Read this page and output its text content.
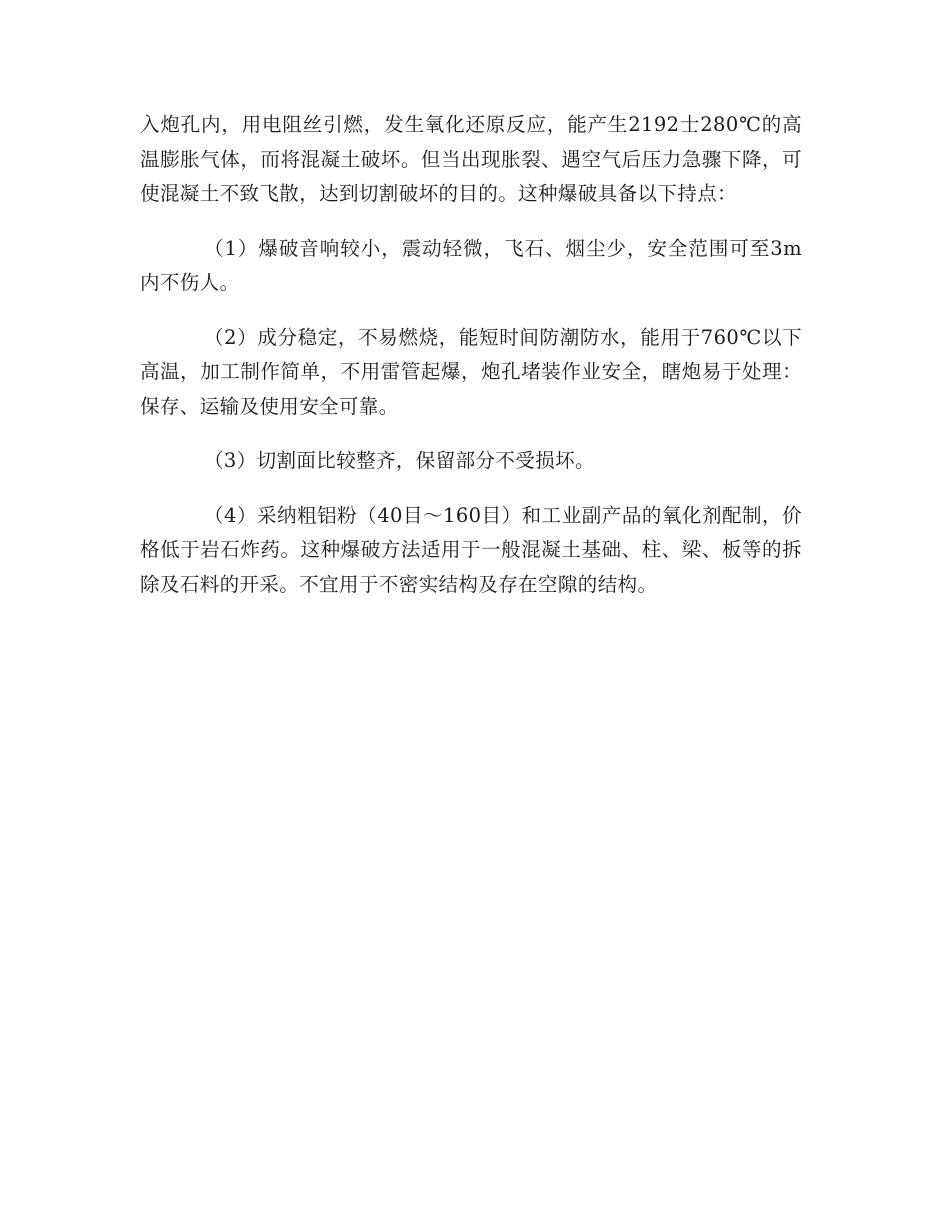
入炮孔内，用电阻丝引燃，发生氧化还原反应，能产生2192士280℃的高温膨胀气体，而将混凝土破坏。但当出现胀裂、遇空气后压力急骤下降，可使混凝土不致飞散，达到切割破坏的目的。这种爆破具备以下持点：

（1）爆破音响较小，震动轻微，飞石、烟尘少，安全范围可至3m内不伤人。

（2）成分稳定，不易燃烧，能短时间防潮防水，能用于760℃以下高温，加工制作简单，不用雷管起爆，炮孔堵装作业安全，瞎炮易于处理：保存、运输及使用安全可靠。

（3）切割面比较整齐，保留部分不受损坏。

（4）采纳粗铝粉（40目～160目）和工业副产品的氧化剂配制，价格低于岩石炸药。这种爆破方法适用于一般混凝土基础、柱、梁、板等的拆除及石料的开采。不宜用于不密实结构及存在空隙的结构。
